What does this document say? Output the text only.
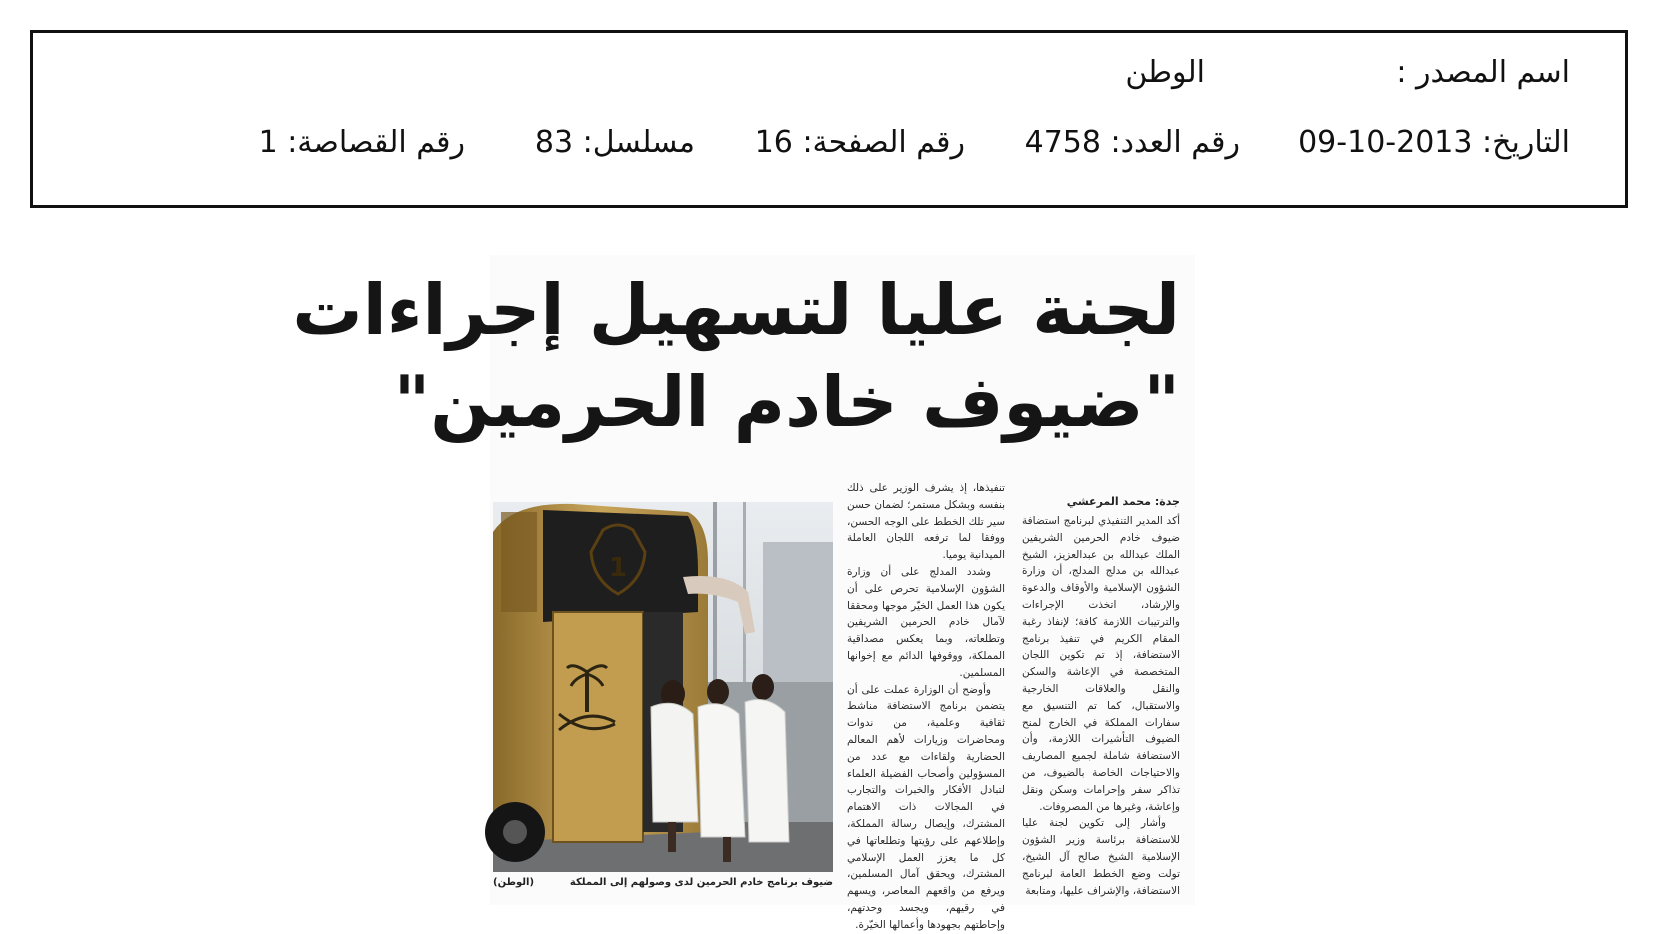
اسم المصدر :
الوطن
التاريخ: 2013-10-09
رقم العدد: 4758
رقم الصفحة: 16
مسلسل: 83
رقم القصاصة: 1
لجنة عليا لتسهيل إجراءات
"ضيوف خادم الحرمين"
جدة: محمد المرعشي

أكد المدير التنفيذي لبرنامج استضافة ضيوف خادم الحرمين الشريفين الملك عبدالله بن عبدالعزيز، الشيخ عبدالله بن مدلج المدلج، أن وزارة الشؤون الإسلامية والأوقاف والدعوة والإرشاد، اتخذت الإجراءات والترتيبات اللازمة كافة؛ لإنفاذ رغبة المقام الكريم في تنفيذ برنامج الاستضافة، إذ تم تكوين اللجان المتخصصة في الإعاشة والسكن والنقل والعلاقات الخارجية والاستقبال، كما تم التنسيق مع سفارات المملكة في الخارج لمنح الضيوف التأشيرات اللازمة، وأن الاستضافة شاملة لجميع المصاريف والاحتياجات الخاصة بالضيوف، من تذاكر سفر وإحرامات وسكن ونقل وإعاشة، وغيرها من المصروفات.

وأشار إلى تكوين لجنة عليا للاستضافة برئاسة وزير الشؤون الإسلامية الشيخ صالح آل الشيخ، تولت وضع الخطط العامة لبرنامج الاستضافة، والإشراف عليها، ومتابعة

تنفيذها، إذ يشرف الوزير على ذلك بنفسه وبشكل مستمر؛ لضمان حسن سير تلك الخطط على الوجه الحسن، ووفقا لما ترفعه اللجان العاملة الميدانية يوميا.

وشدد المدلج على أن وزارة الشؤون الإسلامية تحرص على أن يكون هذا العمل الخيّر موجها ومحققا لآمال خادم الحرمين الشريفين وتطلعاته، وبما يعكس مصداقية المملكة، ووقوفها الدائم مع إخوانها المسلمين.

وأوضح أن الوزارة عملت على أن يتضمن برنامج الاستضافة مناشط ثقافية وعلمية، من ندوات ومحاضرات وزيارات لأهم المعالم الحضارية ولقاءات مع عدد من المسؤولين وأصحاب الفضيلة العلماء لتبادل الأفكار والخبرات والتجارب في المجالات ذات الاهتمام المشترك، وإيصال رسالة المملكة، وإطلاعهم على رؤيتها وتطلعاتها في كل ما يعزز العمل الإسلامي المشترك، ويحقق آمال المسلمين، ويرفع من واقعهم المعاصر، ويسهم في رقيهم، ويجسد وحدتهم، وإحاطتهم بجهودها وأعمالها الخيّرة.

1
(الوطن)	ضيوف برنامج خادم الحرمين لدى وصولهم إلى المملكة
